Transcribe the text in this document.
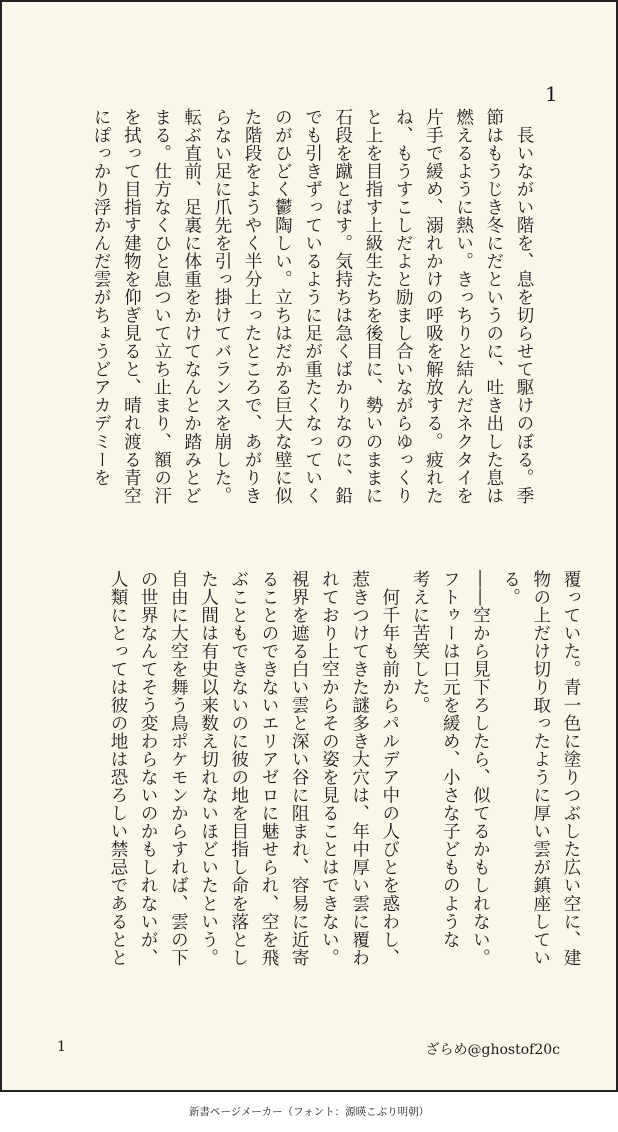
1
　長いながい階を、息を切らせて駆けのぼる。季
節はもうじき冬にだというのに、吐き出した息は
燃えるように熱い。きっちりと結んだネクタイを
片手で緩め、溺れかけの呼吸を解放する。疲れた
ね、もうすこしだよと励まし合いながらゆっくり
と上を目指す上級生たちを後目に、勢いのままに
石段を蹴とばす。気持ちは急くばかりなのに、鉛
でも引きずっているように足が重たくなっていく
のがひどく鬱陶しい。立ちはだかる巨大な壁に似
た階段をようやく半分上ったところで、あがりき
らない足に爪先を引っ掛けてバランスを崩した。
転ぶ直前、足裏に体重をかけてなんとか踏みとど
まる。仕方なくひと息ついて立ち止まり、額の汗
を拭って目指す建物を仰ぎ見ると、晴れ渡る青空
にぽっかり浮かんだ雲がちょうどアカデミーを
覆っていた。青一色に塗りつぶした広い空に、建
物の上だけ切り取ったように厚い雲が鎮座してい
る。
――空から見下ろしたら、似てるかもしれない。
フトゥーは口元を緩め、小さな子どものような
考えに苦笑した。
　何千年も前からパルデア中の人びとを惑わし、
惹きつけてきた謎多き大穴は、年中厚い雲に覆わ
れており上空からその姿を見ることはできない。
視界を遮る白い雲と深い谷に阻まれ、容易に近寄
ることのできないエリアゼロに魅せられ、空を飛
ぶこともできないのに彼の地を目指し命を落とし
た人間は有史以来数え切れないほどいたという。
自由に大空を舞う鳥ポケモンからすれば、雲の下
の世界なんてそう変わらないのかもしれないが、
人類にとっては彼の地は恐ろしい禁忌であるとと
1	ざらめ@ghostof20c
新書ページメーカー（フォント：源暎こぶり明朝）
